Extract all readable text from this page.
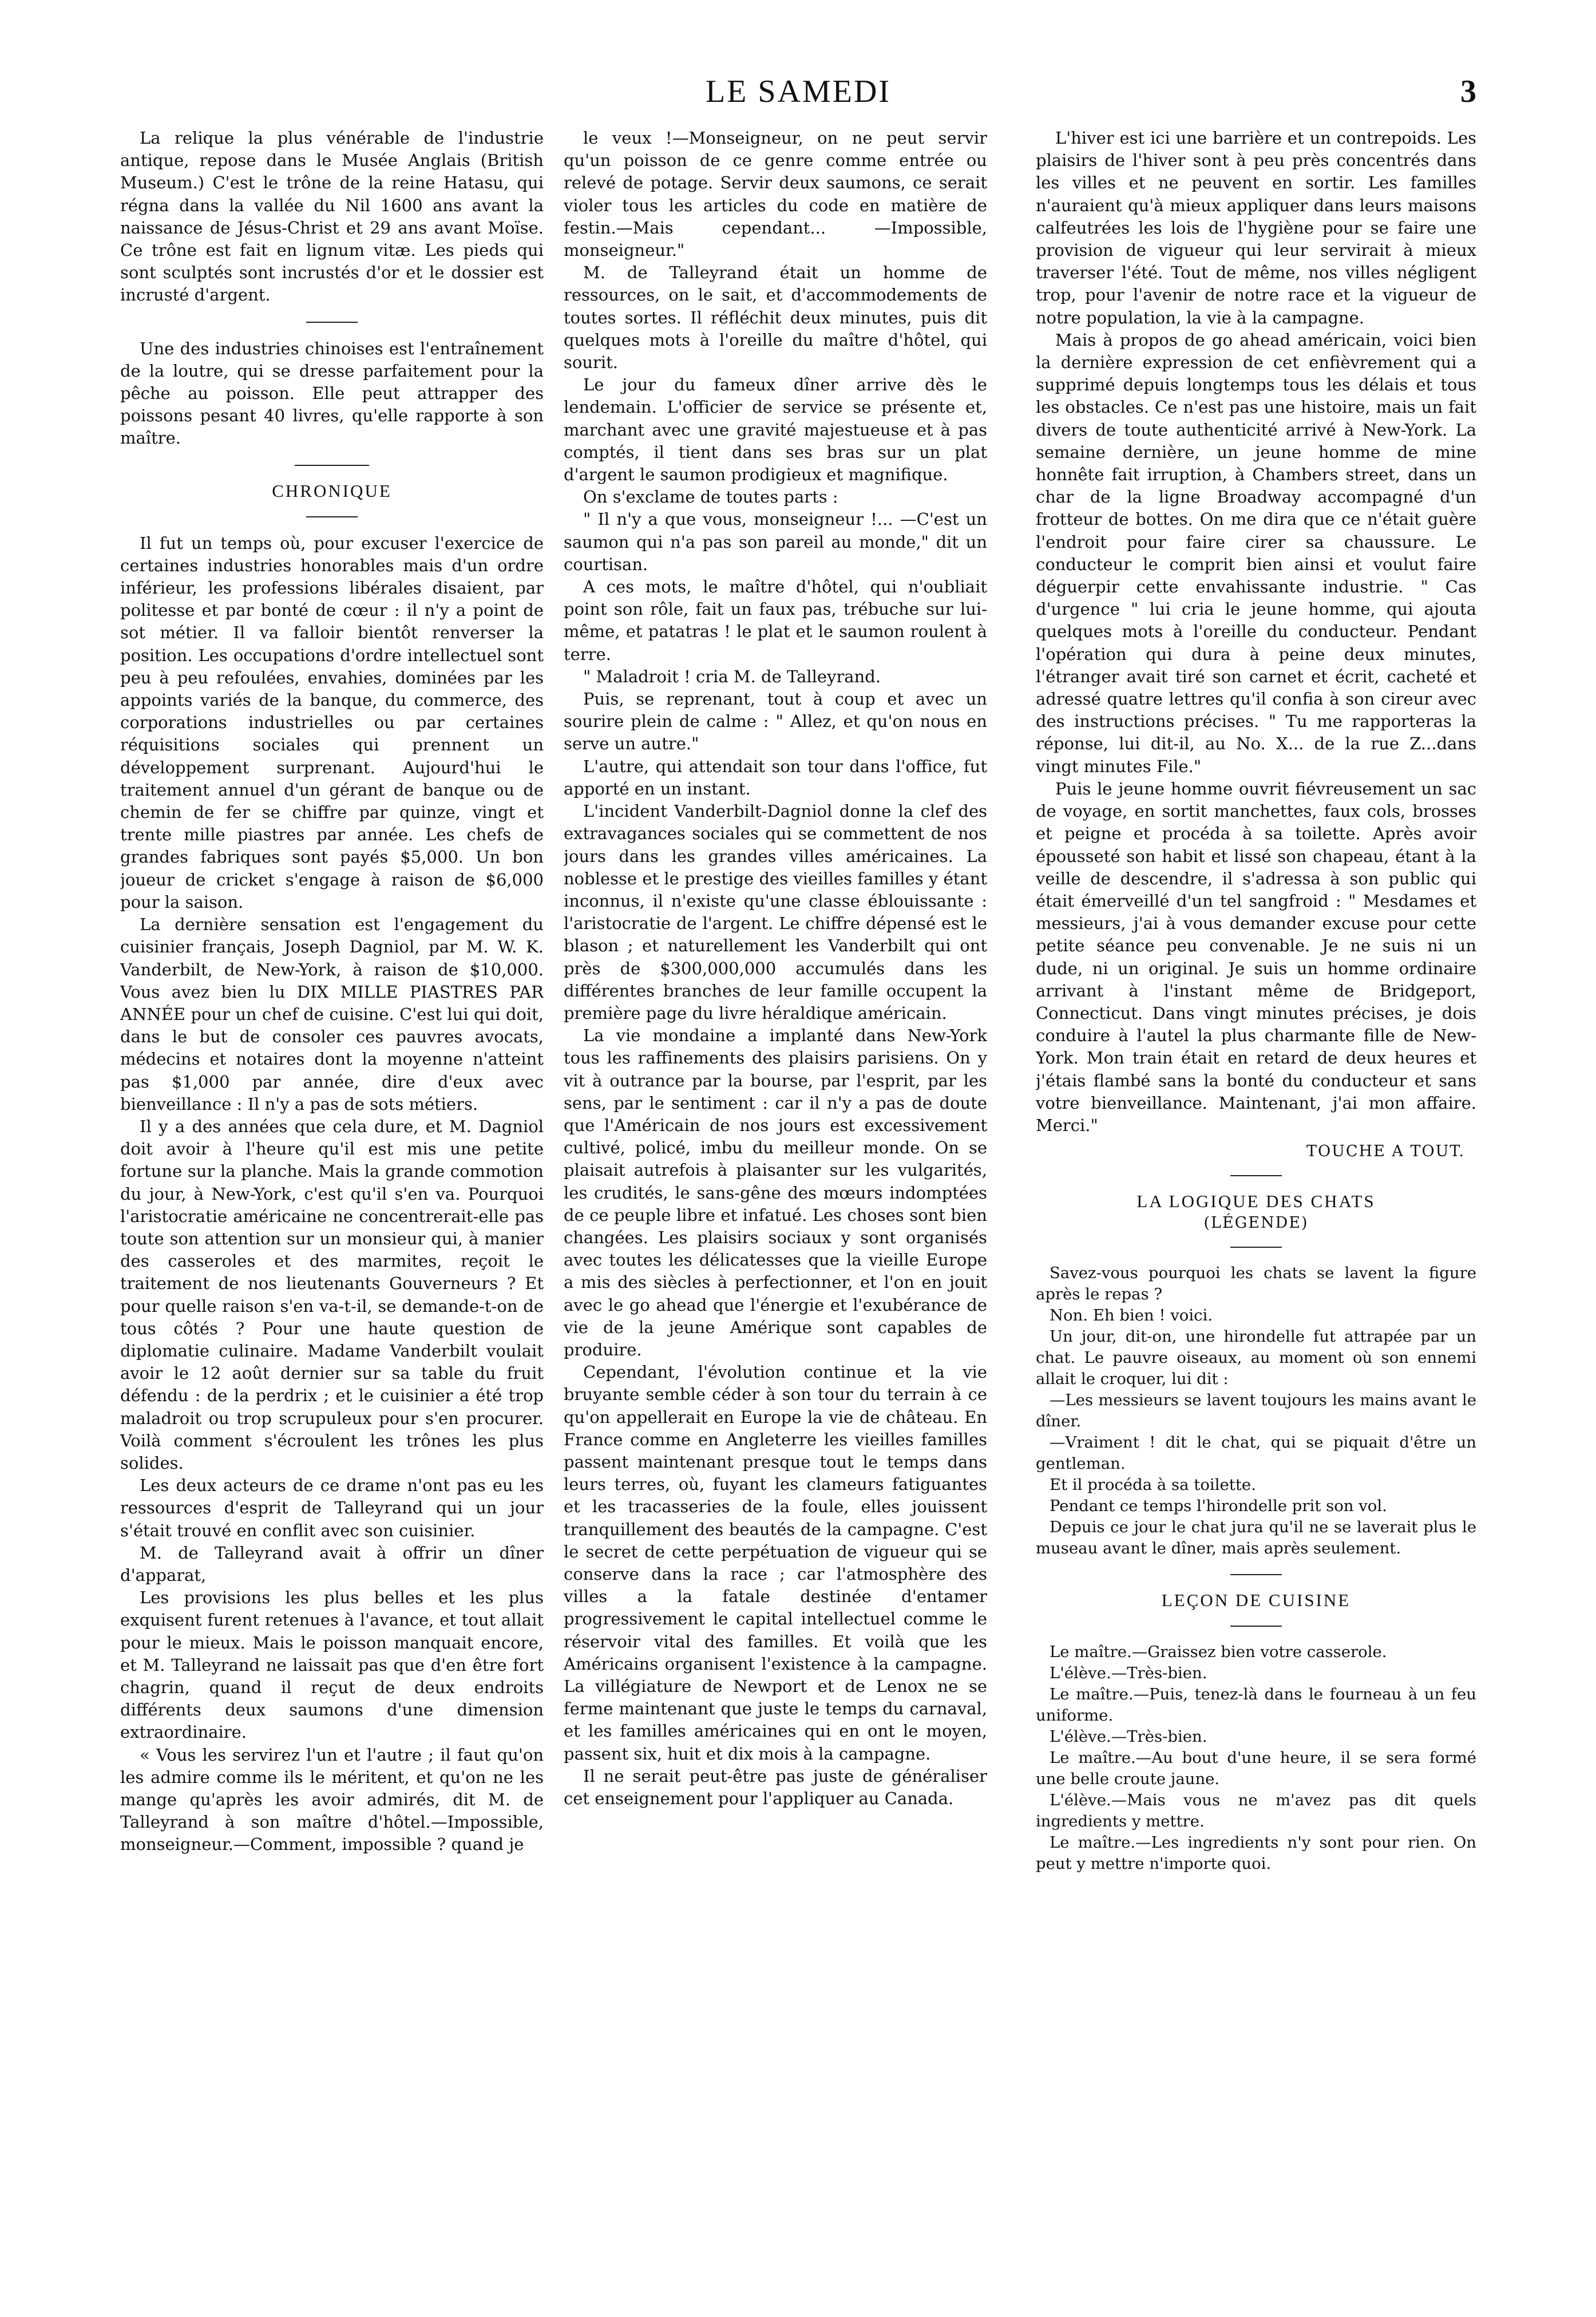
LE SAMEDI	3

La relique la plus vénérable de l'industrie antique, repose dans le Musée Anglais (British Museum.) C'est le trône de la reine Hatasu, qui régna dans la vallée du Nil 1600 ans avant la naissance de Jésus-Christ et 29 ans avant Moïse. Ce trône est fait en lignum vitæ. Les pieds qui sont sculptés sont incrustés d'or et le dossier est incrusté d'argent.

Une des industries chinoises est l'entraînement de la loutre, qui se dresse parfaitement pour la pêche au poisson. Elle peut attrapper des poissons pesant 40 livres, qu'elle rapporte à son maître.

CHRONIQUE

Il fut un temps où, pour excuser l'exercice de certaines industries honorables mais d'un ordre inférieur, les professions libérales disaient, par politesse et par bonté de cœur : il n'y a point de sot métier. Il va falloir bientôt renverser la position. Les occupations d'ordre intellectuel sont peu à peu refoulées, envahies, dominées par les appoints variés de la banque, du commerce, des corporations industrielles ou par certaines réquisitions sociales qui prennent un développement surprenant. Aujourd'hui le traitement annuel d'un gérant de banque ou de chemin de fer se chiffre par quinze, vingt et trente mille piastres par année. Les chefs de grandes fabriques sont payés $5,000. Un bon joueur de cricket s'engage à raison de $6,000 pour la saison.

La dernière sensation est l'engagement du cuisinier français, Joseph Dagniol, par M. W. K. Vanderbilt, de New-York, à raison de $10,000. Vous avez bien lu DIX MILLE PIASTRES PAR ANNÉE pour un chef de cuisine. C'est lui qui doit, dans le but de consoler ces pauvres avocats, médecins et notaires dont la moyenne n'atteint pas $1,000 par année, dire d'eux avec bienveillance : Il n'y a pas de sots métiers.

Il y a des années que cela dure, et M. Dagniol doit avoir à l'heure qu'il est mis une petite fortune sur la planche. Mais la grande commotion du jour, à New-York, c'est qu'il s'en va. Pourquoi l'aristocratie américaine ne concentrerait-elle pas toute son attention sur un monsieur qui, à manier des casseroles et des marmites, reçoit le traitement de nos lieutenants Gouverneurs ? Et pour quelle raison s'en va-t-il, se demande-t-on de tous côtés ? Pour une haute question de diplomatie culinaire. Madame Vanderbilt voulait avoir le 12 août dernier sur sa table du fruit défendu : de la perdrix ; et le cuisinier a été trop maladroit ou trop scrupuleux pour s'en procurer. Voilà comment s'écroulent les trônes les plus solides.

Les deux acteurs de ce drame n'ont pas eu les ressources d'esprit de Talleyrand qui un jour s'était trouvé en conflit avec son cuisinier.

M. de Talleyrand avait à offrir un dîner d'apparat,

Les provisions les plus belles et les plus exquisent furent retenues à l'avance, et tout allait pour le mieux. Mais le poisson manquait encore, et M. Talleyrand ne laissait pas que d'en être fort chagrin, quand il reçut de deux endroits différents deux saumons d'une dimension extraordinaire.

« Vous les servirez l'un et l'autre ; il faut qu'on les admire comme ils le méritent, et qu'on ne les mange qu'après les avoir admirés, dit M. de Talleyrand à son maître d'hôtel.—Impossible, monseigneur.—Comment, impossible ? quand je

le veux !—Monseigneur, on ne peut servir qu'un poisson de ce genre comme entrée ou relevé de potage. Servir deux saumons, ce serait violer tous les articles du code en matière de festin.—Mais cependant... —Impossible, monseigneur."

M. de Talleyrand était un homme de ressources, on le sait, et d'accommodements de toutes sortes. Il réfléchit deux minutes, puis dit quelques mots à l'oreille du maître d'hôtel, qui sourit.

Le jour du fameux dîner arrive dès le lendemain. L'officier de service se présente et, marchant avec une gravité majestueuse et à pas comptés, il tient dans ses bras sur un plat d'argent le saumon prodigieux et magnifique.

On s'exclame de toutes parts :

" Il n'y a que vous, monseigneur !... —C'est un saumon qui n'a pas son pareil au monde," dit un courtisan.

A ces mots, le maître d'hôtel, qui n'oubliait point son rôle, fait un faux pas, trébuche sur lui-même, et patatras ! le plat et le saumon roulent à terre.

" Maladroit ! cria M. de Talleyrand.

Puis, se reprenant, tout à coup et avec un sourire plein de calme : " Allez, et qu'on nous en serve un autre."

L'autre, qui attendait son tour dans l'office, fut apporté en un instant.

L'incident Vanderbilt-Dagniol donne la clef des extravagances sociales qui se commettent de nos jours dans les grandes villes américaines. La noblesse et le prestige des vieilles familles y étant inconnus, il n'existe qu'une classe éblouissante : l'aristocratie de l'argent. Le chiffre dépensé est le blason ; et naturellement les Vanderbilt qui ont près de $300,000,000 accumulés dans les différentes branches de leur famille occupent la première page du livre héraldique américain.

La vie mondaine a implanté dans New-York tous les raffinements des plaisirs parisiens. On y vit à outrance par la bourse, par l'esprit, par les sens, par le sentiment : car il n'y a pas de doute que l'Américain de nos jours est excessivement cultivé, policé, imbu du meilleur monde. On se plaisait autrefois à plaisanter sur les vulgarités, les crudités, le sans-gêne des mœurs indomptées de ce peuple libre et infatué. Les choses sont bien changées. Les plaisirs sociaux y sont organisés avec toutes les délicatesses que la vieille Europe a mis des siècles à perfectionner, et l'on en jouit avec le go ahead que l'énergie et l'exubérance de vie de la jeune Amérique sont capables de produire.

Cependant, l'évolution continue et la vie bruyante semble céder à son tour du terrain à ce qu'on appellerait en Europe la vie de château. En France comme en Angleterre les vieilles familles passent maintenant presque tout le temps dans leurs terres, où, fuyant les clameurs fatiguantes et les tracasseries de la foule, elles jouissent tranquillement des beautés de la campagne. C'est le secret de cette perpétuation de vigueur qui se conserve dans la race ; car l'atmosphère des villes a la fatale destinée d'entamer progressivement le capital intellectuel comme le réservoir vital des familles. Et voilà que les Américains organisent l'existence à la campagne. La villégiature de Newport et de Lenox ne se ferme maintenant que juste le temps du carnaval, et les familles américaines qui en ont le moyen, passent six, huit et dix mois à la campagne.

Il ne serait peut-être pas juste de généraliser cet enseignement pour l'appliquer au Canada.

L'hiver est ici une barrière et un contrepoids. Les plaisirs de l'hiver sont à peu près concentrés dans les villes et ne peuvent en sortir. Les familles n'auraient qu'à mieux appliquer dans leurs maisons calfeutrées les lois de l'hygiène pour se faire une provision de vigueur qui leur servirait à mieux traverser l'été. Tout de même, nos villes négligent trop, pour l'avenir de notre race et la vigueur de notre population, la vie à la campagne.

Mais à propos de go ahead américain, voici bien la dernière expression de cet enfièvrement qui a supprimé depuis longtemps tous les délais et tous les obstacles. Ce n'est pas une histoire, mais un fait divers de toute authenticité arrivé à New-York. La semaine dernière, un jeune homme de mine honnête fait irruption, à Chambers street, dans un char de la ligne Broadway accompagné d'un frotteur de bottes. On me dira que ce n'était guère l'endroit pour faire cirer sa chaussure. Le conducteur le comprit bien ainsi et voulut faire déguerpir cette envahissante industrie. " Cas d'urgence " lui cria le jeune homme, qui ajouta quelques mots à l'oreille du conducteur. Pendant l'opération qui dura à peine deux minutes, l'étranger avait tiré son carnet et écrit, cacheté et adressé quatre lettres qu'il confia à son cireur avec des instructions précises. " Tu me rapporteras la réponse, lui dit-il, au No. X... de la rue Z...dans vingt minutes File."

Puis le jeune homme ouvrit fiévreusement un sac de voyage, en sortit manchettes, faux cols, brosses et peigne et procéda à sa toilette. Après avoir épousseté son habit et lissé son chapeau, étant à la veille de descendre, il s'adressa à son public qui était émerveillé d'un tel sangfroid : " Mesdames et messieurs, j'ai à vous demander excuse pour cette petite séance peu convenable. Je ne suis ni un dude, ni un original. Je suis un homme ordinaire arrivant à l'instant même de Bridgeport, Connecticut. Dans vingt minutes précises, je dois conduire à l'autel la plus charmante fille de New-York. Mon train était en retard de deux heures et j'étais flambé sans la bonté du conducteur et sans votre bienveillance. Maintenant, j'ai mon affaire. Merci."

TOUCHE A TOUT.
LA LOGIQUE DES CHATS
(LÉGENDE)

Savez-vous pourquoi les chats se lavent la figure après le repas ?

Non. Eh bien ! voici.

Un jour, dit-on, une hirondelle fut attrapée par un chat. Le pauvre oiseaux, au moment où son ennemi allait le croquer, lui dit :

—Les messieurs se lavent toujours les mains avant le dîner.

—Vraiment ! dit le chat, qui se piquait d'être un gentleman.

Et il procéda à sa toilette.

Pendant ce temps l'hirondelle prit son vol.

Depuis ce jour le chat jura qu'il ne se laverait plus le museau avant le dîner, mais après seulement.

LEÇON DE CUISINE

Le maître.—Graissez bien votre casserole.

L'élève.—Très-bien.

Le maître.—Puis, tenez-là dans le fourneau à un feu uniforme.

L'élève.—Très-bien.

Le maître.—Au bout d'une heure, il se sera formé une belle croute jaune.

L'élève.—Mais vous ne m'avez pas dit quels ingredients y mettre.

Le maître.—Les ingredients n'y sont pour rien. On peut y mettre n'importe quoi.
